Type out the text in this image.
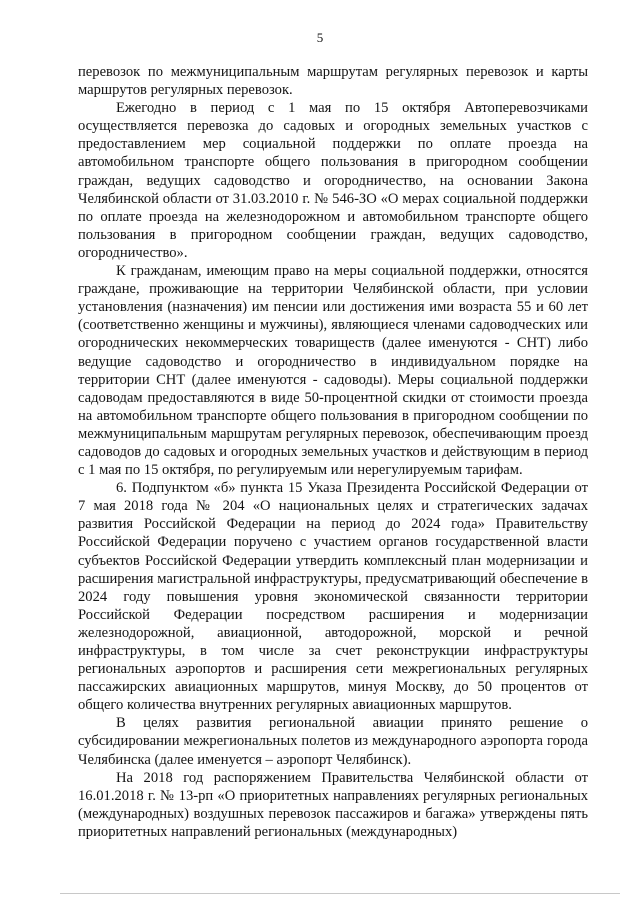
5

перевозок по межмуниципальным маршрутам регулярных перевозок и карты маршрутов регулярных перевозок.

Ежегодно в период с 1 мая по 15 октября Автоперевозчиками осуществляется перевозка до садовых и огородных земельных участков с предоставлением мер социальной поддержки по оплате проезда на автомобильном транспорте общего пользования в пригородном сообщении граждан, ведущих садоводство и огородничество, на основании Закона Челябинской области от 31.03.2010 г. № 546-ЗО «О мерах социальной поддержки по оплате проезда на железнодорожном и автомобильном транспорте общего пользования в пригородном сообщении граждан, ведущих садоводство, огородничество».

К гражданам, имеющим право на меры социальной поддержки, относятся граждане, проживающие на территории Челябинской области, при условии установления (назначения) им пенсии или достижения ими возраста 55 и 60 лет (соответственно женщины и мужчины), являющиеся членами садоводческих или огороднических некоммерческих товариществ (далее именуются - СНТ) либо ведущие садоводство и огородничество в индивидуальном порядке на территории СНТ (далее именуются - садоводы). Меры социальной поддержки садоводам предоставляются в виде 50-процентной скидки от стоимости проезда на автомобильном транспорте общего пользования в пригородном сообщении по межмуниципальным маршрутам регулярных перевозок, обеспечивающим проезд садоводов до садовых и огородных земельных участков и действующим в период с 1 мая по 15 октября, по регулируемым или нерегулируемым тарифам.

6. Подпунктом «б» пункта 15 Указа Президента Российской Федерации от 7 мая 2018 года № 204 «О национальных целях и стратегических задачах развития Российской Федерации на период до 2024 года» Правительству Российской Федерации поручено с участием органов государственной власти субъектов Российской Федерации утвердить комплексный план модернизации и расширения магистральной инфраструктуры, предусматривающий обеспечение в 2024 году повышения уровня экономической связанности территории Российской Федерации посредством расширения и модернизации железнодорожной, авиационной, автодорожной, морской и речной инфраструктуры, в том числе за счет реконструкции инфраструктуры региональных аэропортов и расширения сети межрегиональных регулярных пассажирских авиационных маршрутов, минуя Москву, до 50 процентов от общего количества внутренних регулярных авиационных маршрутов.

В целях развития региональной авиации принято решение о субсидировании межрегиональных полетов из международного аэропорта города Челябинска (далее именуется – аэропорт Челябинск).

На 2018 год распоряжением Правительства Челябинской области от 16.01.2018 г. № 13-рп «О приоритетных направлениях регулярных региональных (международных) воздушных перевозок пассажиров и багажа» утверждены пять приоритетных направлений региональных (международных)
